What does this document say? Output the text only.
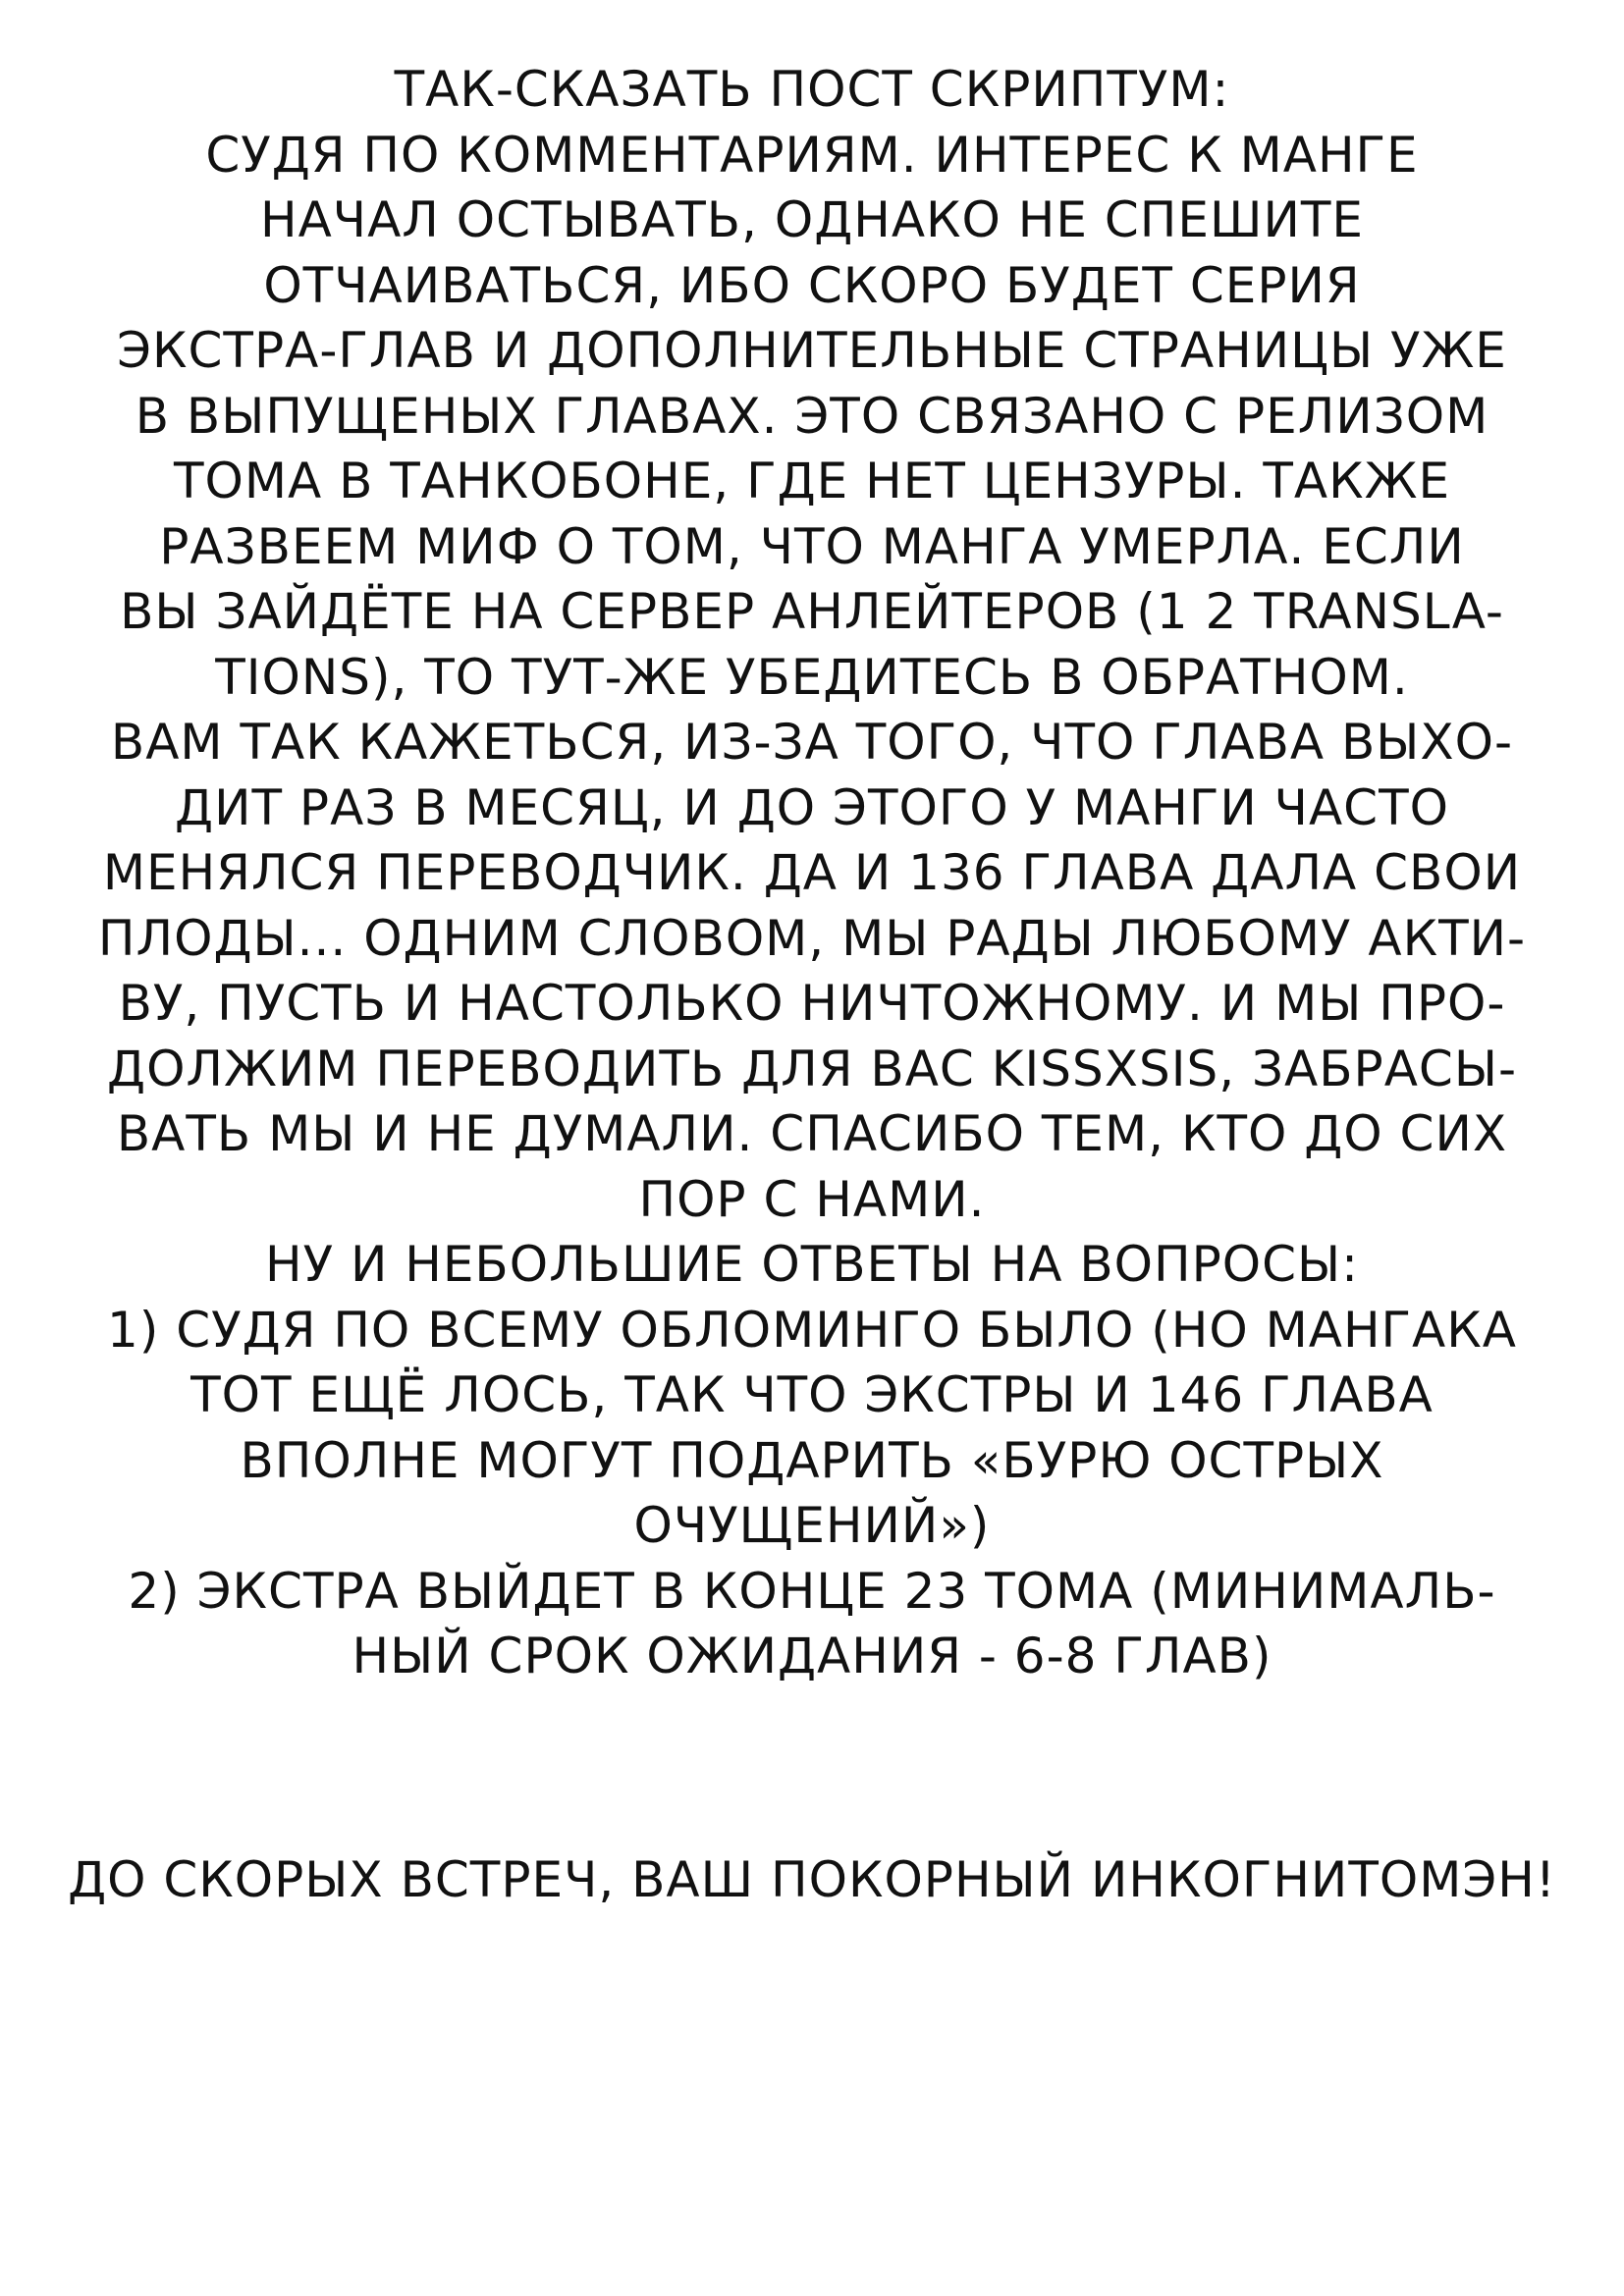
ТАК-СКАЗАТЬ ПОСТ СКРИПТУМ:
СУДЯ ПО КОММЕНТАРИЯМ. ИНТЕРЕС К МАНГЕ
НАЧАЛ ОСТЫВАТЬ, ОДНАКО НЕ СПЕШИТЕ
ОТЧАИВАТЬСЯ, ИБО СКОРО БУДЕТ СЕРИЯ
ЭКСТРА-ГЛАВ И ДОПОЛНИТЕЛЬНЫЕ СТРАНИЦЫ УЖЕ
В ВЫПУЩЕНЫХ ГЛАВАХ. ЭТО СВЯЗАНО С РЕЛИЗОМ
ТОМА В ТАНКОБОНЕ, ГДЕ НЕТ ЦЕНЗУРЫ. ТАКЖЕ
РАЗВЕЕМ МИФ О ТОМ, ЧТО МАНГА УМЕРЛА. ЕСЛИ
ВЫ ЗАЙДЁТЕ НА СЕРВЕР АНЛЕЙТЕРОВ (1 2 TRANSLA-
TIONS), ТО ТУТ-ЖЕ УБЕДИТЕСЬ В ОБРАТНОМ.
ВАМ ТАК КАЖЕТЬСЯ, ИЗ-ЗА ТОГО, ЧТО ГЛАВА ВЫХО-
ДИТ РАЗ В МЕСЯЦ, И ДО ЭТОГО У МАНГИ ЧАСТО
МЕНЯЛСЯ ПЕРЕВОДЧИК. ДА И 136 ГЛАВА ДАЛА СВОИ
ПЛОДЫ... ОДНИМ СЛОВОМ, МЫ РАДЫ ЛЮБОМУ АКТИ-
ВУ, ПУСТЬ И НАСТОЛЬКО НИЧТОЖНОМУ. И МЫ ПРО-
ДОЛЖИМ ПЕРЕВОДИТЬ ДЛЯ ВАС KISSXSIS, ЗАБРАСЫ-
ВАТЬ МЫ И НЕ ДУМАЛИ. СПАСИБО ТЕМ, КТО ДО СИХ
ПОР С НАМИ.
НУ И НЕБОЛЬШИЕ ОТВЕТЫ НА ВОПРОСЫ:
1) СУДЯ ПО ВСЕМУ ОБЛОМИНГО БЫЛО (НО МАНГАКА
ТОТ ЕЩЁ ЛОСЬ, ТАК ЧТО ЭКСТРЫ И 146 ГЛАВА
ВПОЛНЕ МОГУТ ПОДАРИТЬ «БУРЮ ОСТРЫХ
ОЧУЩЕНИЙ»)
2) ЭКСТРА ВЫЙДЕТ В КОНЦЕ 23 ТОМА (МИНИМАЛЬ-
НЫЙ СРОК ОЖИДАНИЯ - 6-8 ГЛАВ)
ДО СКОРЫХ ВСТРЕЧ, ВАШ ПОКОРНЫЙ ИНКОГНИТОМЭН!
